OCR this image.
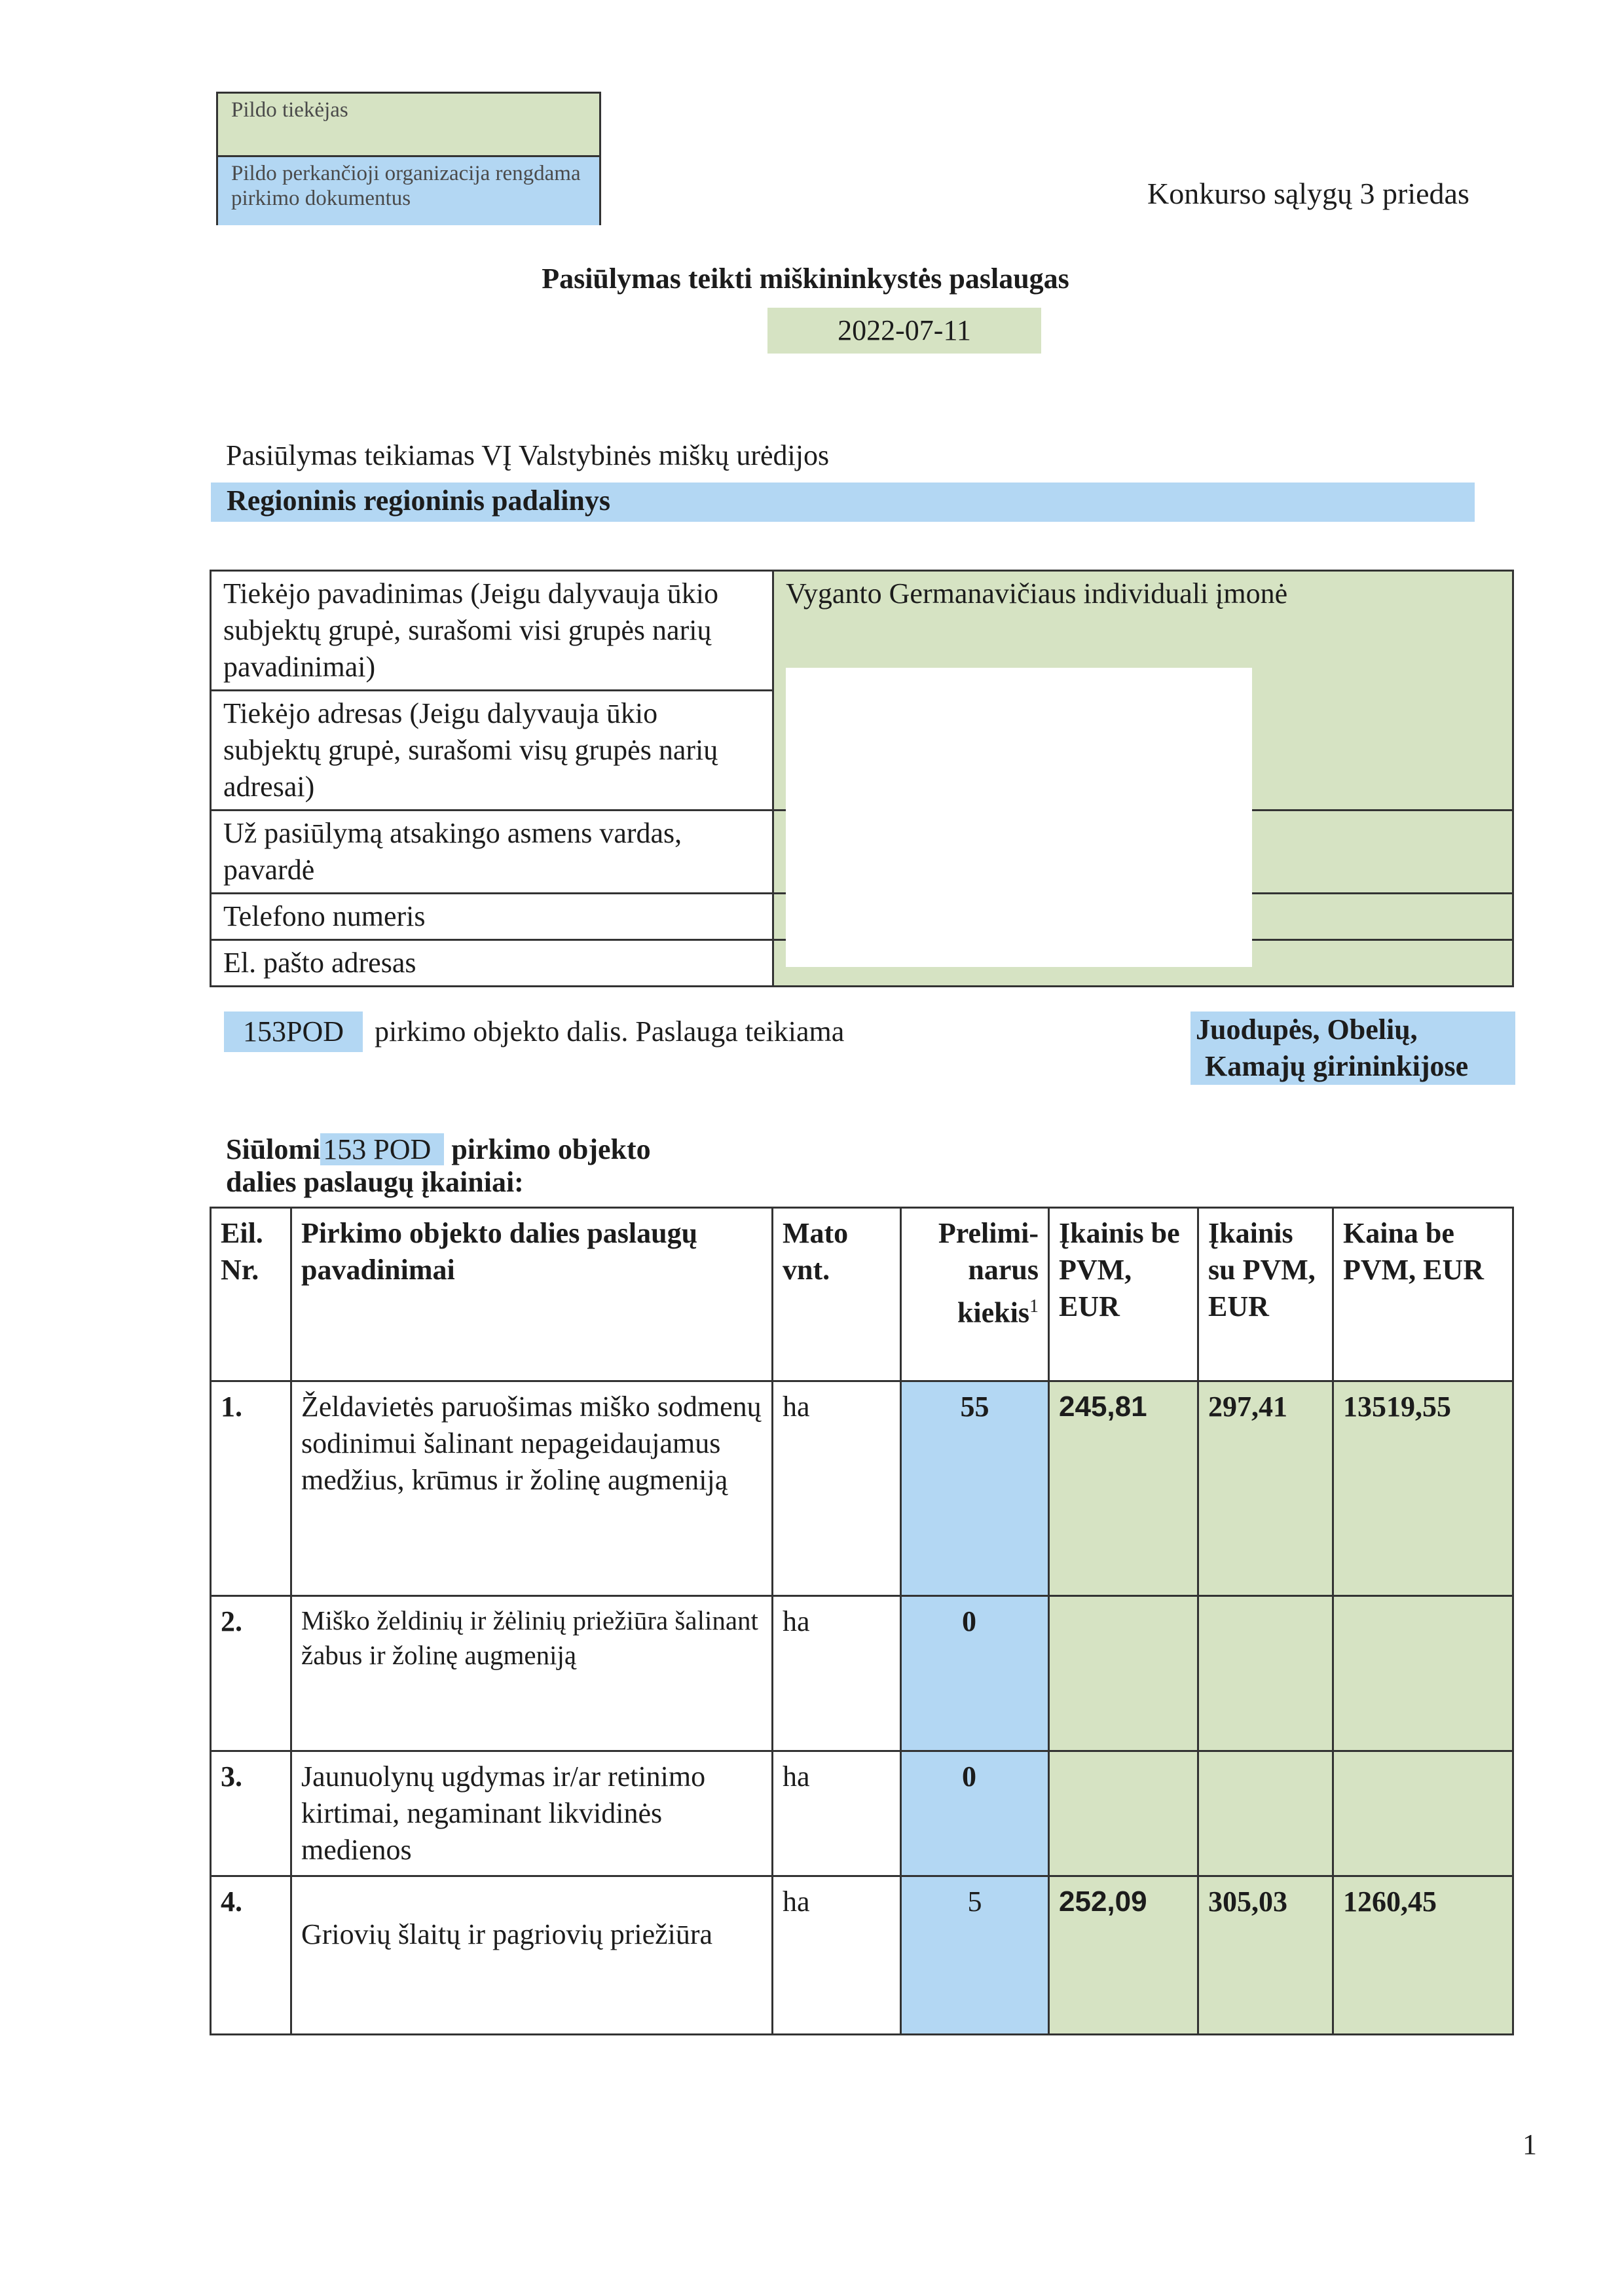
Pildo tiekėjas
Pildo perkančioji organizacija rengdama pirkimo dokumentus	Konkurso sąlygų 3 priedas
Pasiūlymas teikti miškininkystės paslaugas
2022-07-11
Pasiūlymas teikiamas VĮ Valstybinės miškų urėdijos
Regioninis regioninis padalinys
Tiekėjo pavadinimas (Jeigu dalyvauja ūkio subjektų grupė, surašomi visi grupės narių pavadinimai)	Vyganto Germanavičiaus individuali įmonė
Tiekėjo adresas (Jeigu dalyvauja ūkio subjektų grupė, surašomi visų grupės narių adresai)	
Už pasiūlymą atsakingo asmens vardas, pavardė	
Telefono numeris	
El. pašto adresas	
153POD	pirkimo objekto dalis. Paslauga teikiama	Juodupės, Obelių,
Kamajų girininkijose
Siūlomi153 POD pirkimo objekto
dalies paslaugų įkainiai:
Eil. Nr.	Pirkimo objekto dalies paslaugų pavadinimai	Mato vnt.	Prelimi-narus kiekis$^1$	Įkainis be PVM, EUR	Įkainis su PVM, EUR	Kaina be PVM, EUR
1.	Želdavietės paruošimas miško sodmenų sodinimui šalinant nepageidaujamus medžius, krūmus ir žolinę augmeniją	ha	55	245,81	297,41	13519,55
2.	Miško želdinių ir žėlinių priežiūra šalinant žabus ir žolinę augmeniją	ha	0			
3.	Jaunuolynų ugdymas ir/ar retinimo kirtimai, negaminant likvidinės medienos	ha	0			
4.	Griovių šlaitų ir pagriovių priežiūra	ha	5	252,09	305,03	1260,45
1
